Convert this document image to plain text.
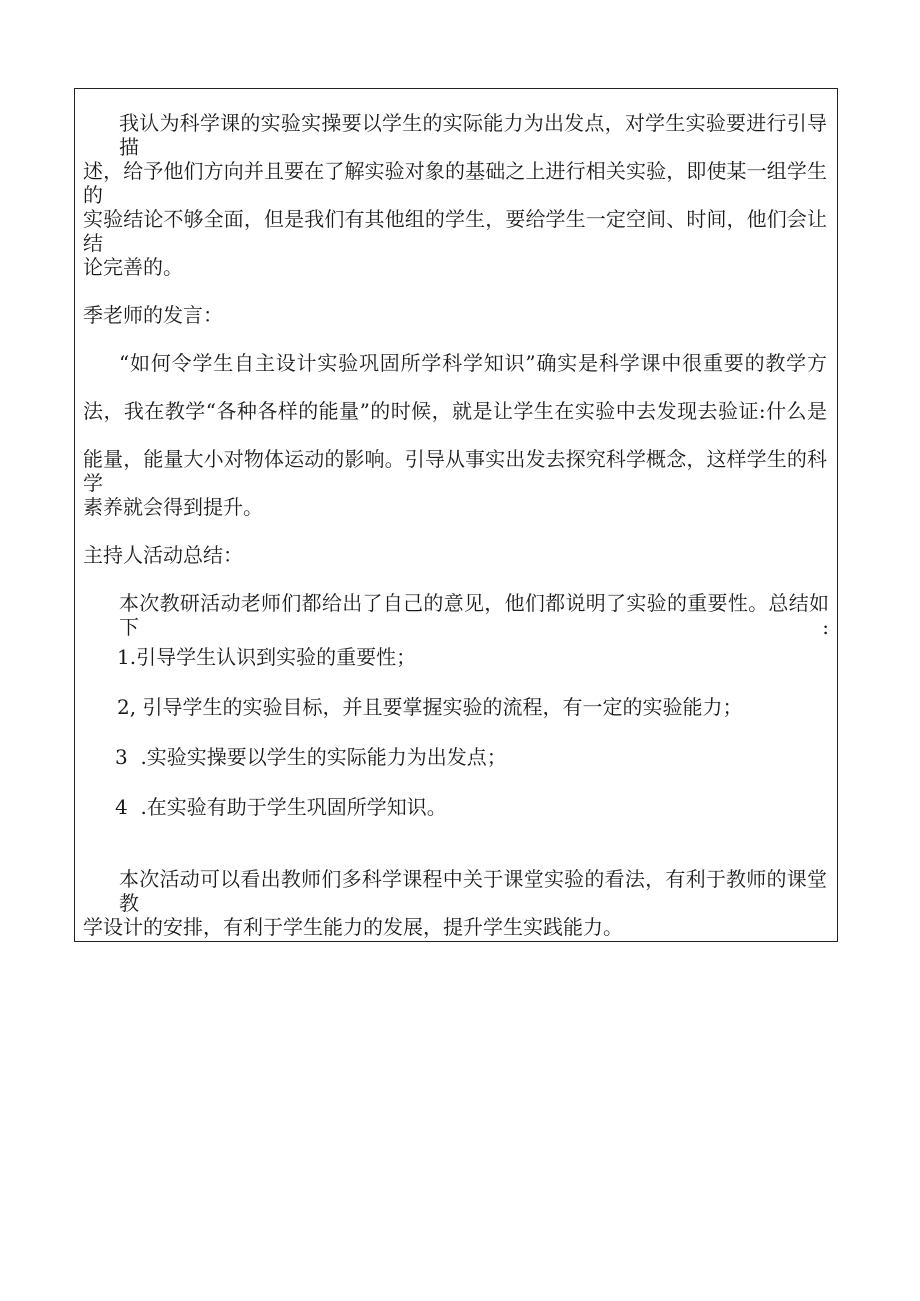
我认为科学课的实验实操要以学生的实际能力为出发点，对学生实验要进行引导描
述，给予他们方向并且要在了解实验对象的基础之上进行相关实验，即使某一组学生的
实验结论不够全面，但是我们有其他组的学生，要给学生一定空间、时间，他们会让结
论完善的。
季老师的发言：
“如何令学生自主设计实验巩固所学科学知识”确实是科学课中很重要的教学方
法，我在教学“各种各样的能量”的时候，就是让学生在实验中去发现去验证:什么是
能量，能量大小对物体运动的影响。引导从事实出发去探究科学概念，这样学生的科学
素养就会得到提升。
主持人活动总结：
本次教研活动老师们都给出了自己的意见，他们都说明了实验的重要性。总结如下:
1.引导学生认识到实验的重要性；
2, 引导学生的实验目标，并且要掌握实验的流程，有一定的实验能力；
3  .实验实操要以学生的实际能力为出发点；
4  .在实验有助于学生巩固所学知识。
本次活动可以看出教师们多科学课程中关于课堂实验的看法，有利于教师的课堂教
学设计的安排，有利于学生能力的发展，提升学生实践能力。
